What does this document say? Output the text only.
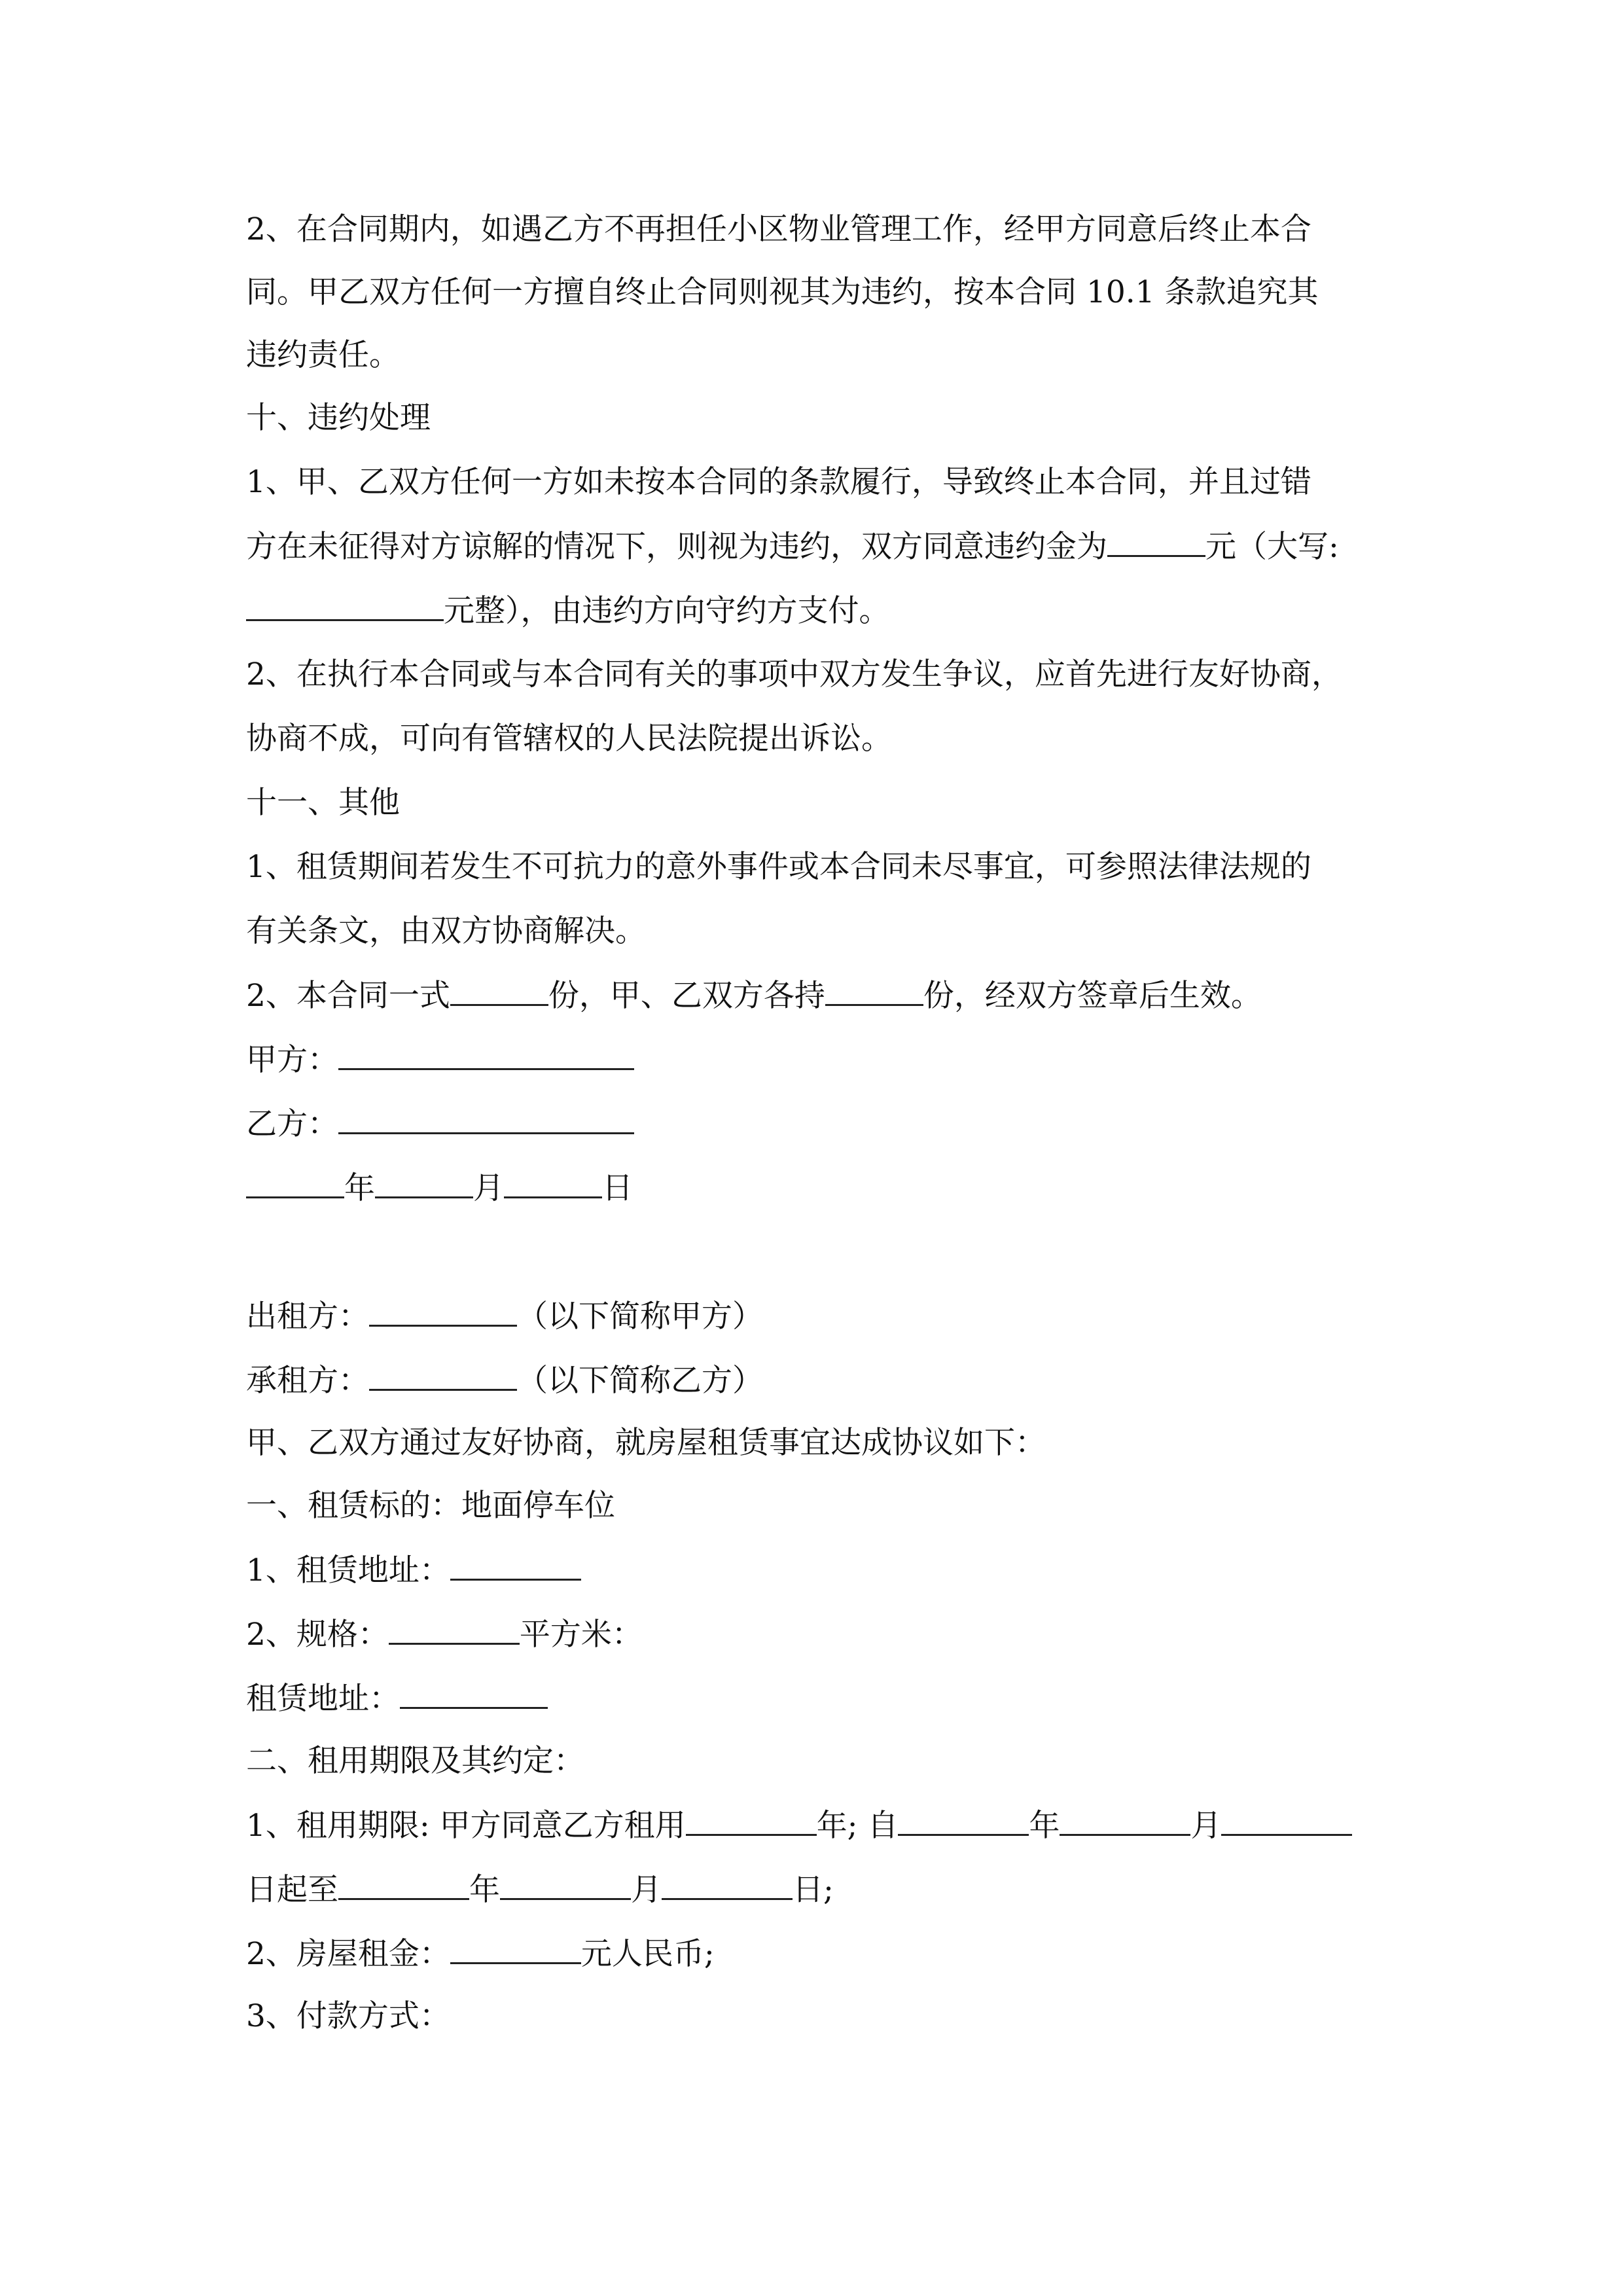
2、在合同期内，如遇乙方不再担任小区物业管理工作，经甲方同意后终止本合
同。甲乙双方任何一方擅自终止合同则视其为违约，按本合同 10.1 条款追究其
违约责任。
十、违约处理
1、甲、乙双方任何一方如未按本合同的条款履行，导致终止本合同，并且过错
方在未征得对方谅解的情况下，则视为违约，双方同意违约金为	元（大写:
元整），由违约方向守约方支付。
2、在执行本合同或与本合同有关的事项中双方发生争议，应首先进行友好协商，
协商不成，可向有管辖权的人民法院提出诉讼。
十一、其他
1、租赁期间若发生不可抗力的意外事件或本合同未尽事宜，可参照法律法规的
有关条文，由双方协商解决。
2、本合同一式	份，甲、乙双方各持	份，经双方签章后生效。
甲方：
乙方：
年	月	日
出租方：	（以下简称甲方）
承租方：	（以下简称乙方）
甲、乙双方通过友好协商，就房屋租赁事宜达成协议如下：
一、租赁标的：地面停车位
1、租赁地址：
2、规格：	平方米：
租赁地址：
二、租用期限及其约定：
1、租用期限: 甲方同意乙方租用	年; 自	年	月
日起至	年	月	日;
2、房屋租金：	元人民币;
3、付款方式：
